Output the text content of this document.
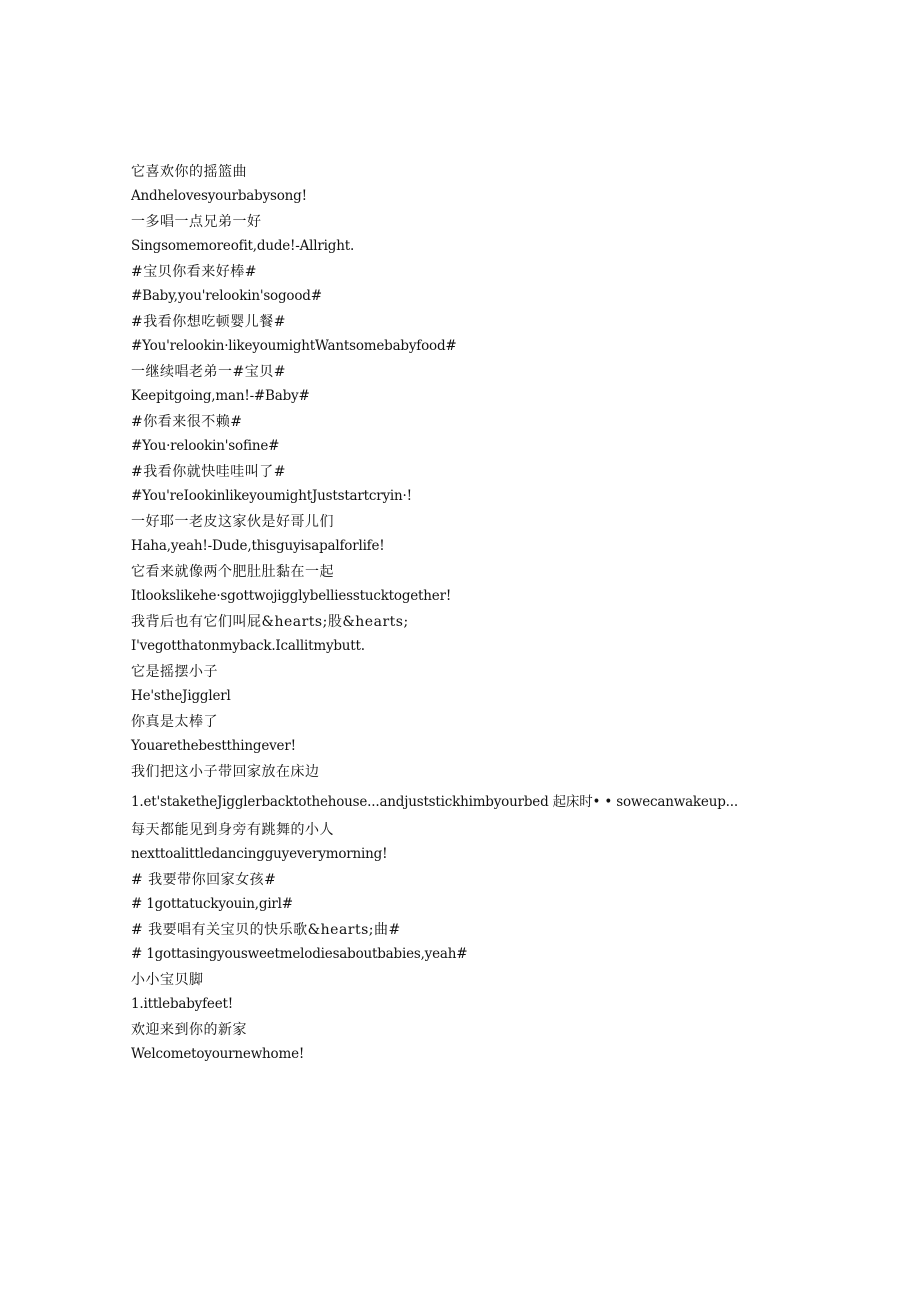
它喜欢你的摇篮曲
Andhelovesyourbabysong!
一多唱一点兄弟一好
Singsomemoreofit,dude!-Allright.
#宝贝你看来好棒#
#Baby,you'relookin'sogood#
#我看你想吃顿婴儿餐#
#You'relookin·likeyoumightWantsomebabyfood#
一继续唱老弟一#宝贝#
Keepitgoing,man!-#Baby#
#你看来很不赖#
#You·relookin'sofine#
#我看你就快哇哇叫了#
#You'reIookinlikeyoumightJuststartcryin·!
一好耶一老皮这家伙是好哥儿们
Haha,yeah!-Dude,thisguyisapalforlife!
它看来就像两个肥肚肚黏在一起
Itlookslikehe·sgottwojigglybelliesstucktogether!
我背后也有它们叫屁&hearts;股&hearts;
I'vegotthatonmyback.Icallitmybutt.
它是摇摆小子
He'stheJigglerl
你真是太棒了
Youarethebestthingever!
我们把这小子带回家放在床边
1.et'staketheJigglerbacktothehouse...andjuststickhimbyourbed 起床时• • sowecanwakeup...
每天都能见到身旁有跳舞的小人
nexttoalittledancingguyeverymorning!
# 我要带你回家女孩#
# 1gottatuckyouin,girl#
# 我要唱有关宝贝的快乐歌&hearts;曲#
# 1gottasingyousweetmelodiesaboutbabies,yeah#
小小宝贝脚
1.ittlebabyfeet!
欢迎来到你的新家
Welcometoyournewhome!
